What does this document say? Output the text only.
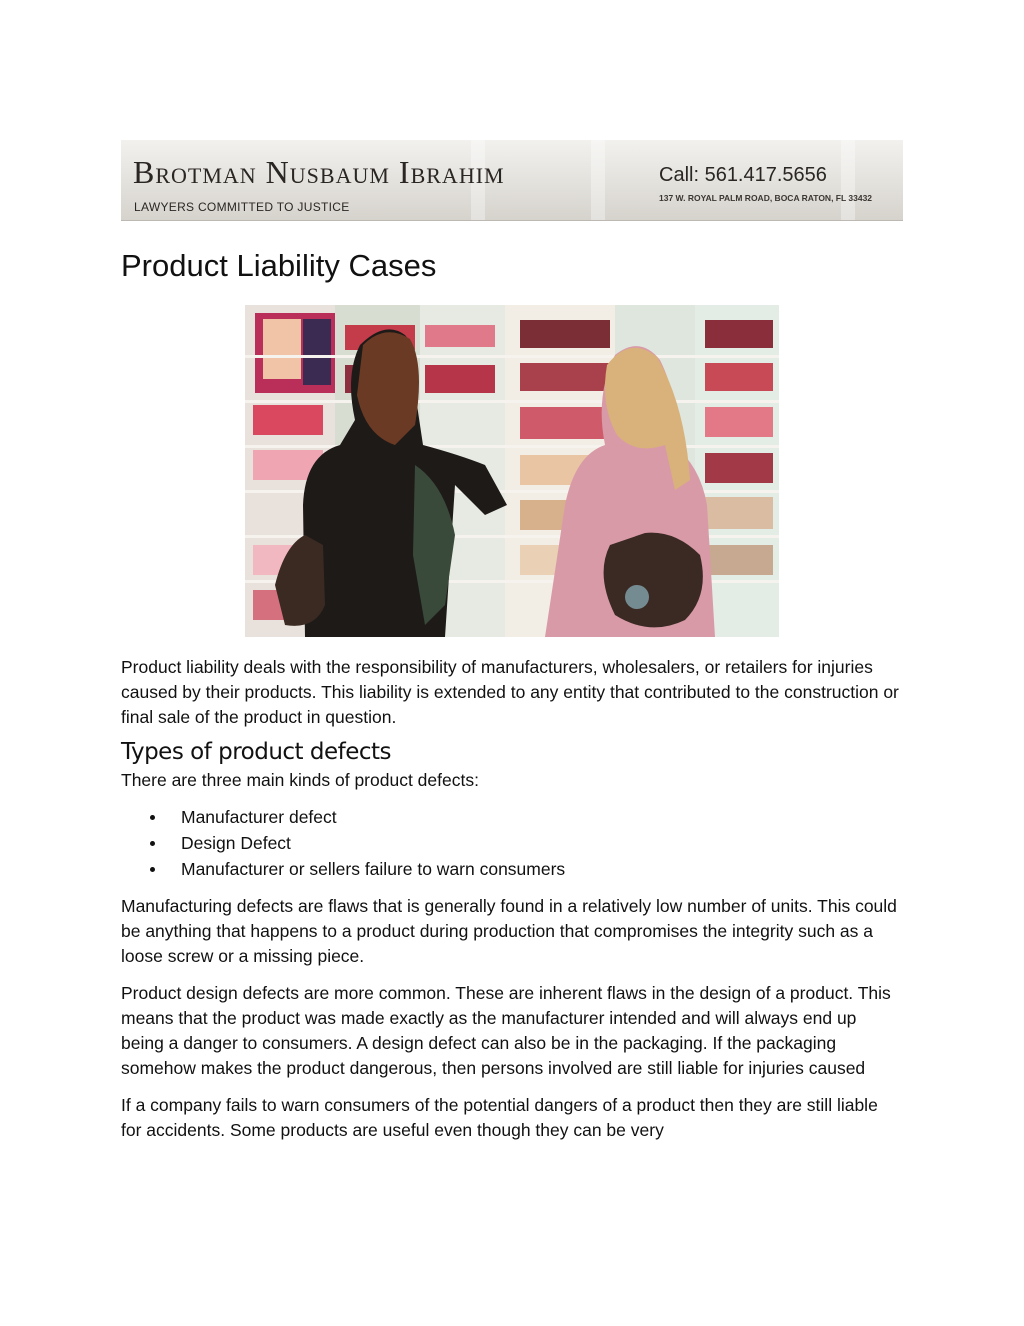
Brotman Nusbaum Ibrahim
LAWYERS COMMITTED TO JUSTICE
Call: 561.417.5656
137 W. ROYAL PALM ROAD, BOCA RATON, FL 33432
Product Liability Cases

Product liability deals with the responsibility of manufacturers, wholesalers, or retailers for injuries caused by their products. This liability is extended to any entity that contributed to the construction or final sale of the product in question.

Types of product defects

There are three main kinds of product defects:

Manufacturer defect
Design Defect
Manufacturer or sellers failure to warn consumers

Manufacturing defects are flaws that is generally found in a relatively low number of units. This could be anything that happens to a product during production that compromises the integrity such as a loose screw or a missing piece.

Product design defects are more common. These are inherent flaws in the design of a product. This means that the product was made exactly as the manufacturer intended and will always end up being a danger to consumers. A design defect can also be in the packaging. If the packaging somehow makes the product dangerous, then persons involved are still liable for injuries caused

If a company fails to warn consumers of the potential dangers of a product then they are still liable for accidents. Some products are useful even though they can be very
